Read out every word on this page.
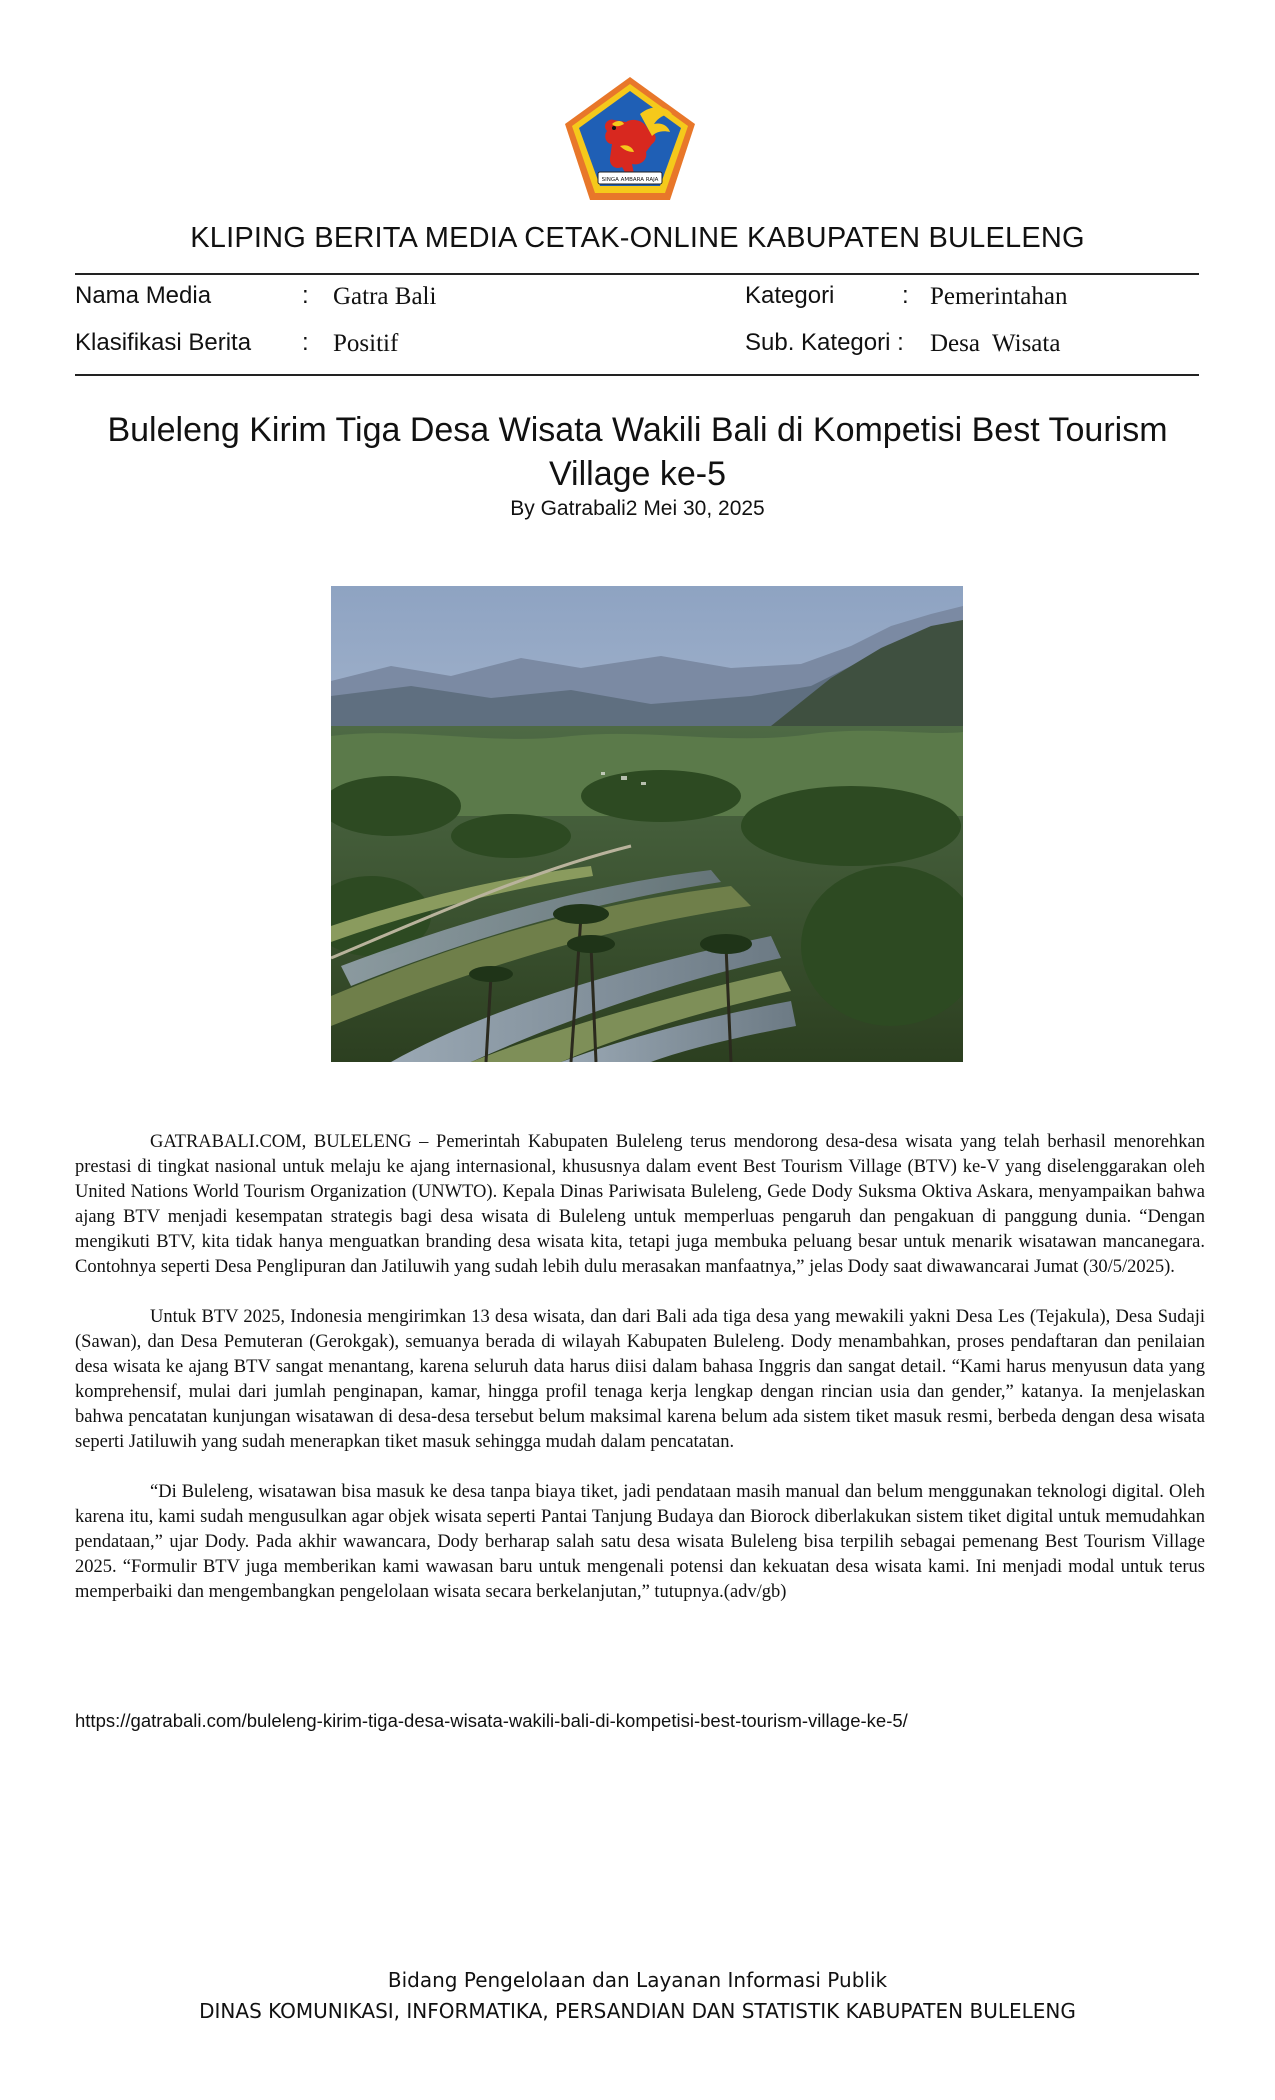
SINGA AMBARA RAJA
KLIPING BERITA MEDIA CETAK-ONLINE KABUPATEN BULELENG
Nama Media	: Gatra Bali	Kategori	: Pemerintahan
Klasifikasi Berita : Positif	Sub. Kategori : Desa  Wisata
Buleleng Kirim Tiga Desa Wisata Wakili Bali di Kompetisi Best Tourism Village ke-5
By Gatrabali2 Mei 30, 2025

GATRABALI.COM, BULELENG – Pemerintah Kabupaten Buleleng terus mendorong desa-desa wisata yang telah berhasil menorehkan prestasi di tingkat nasional untuk melaju ke ajang internasional, khususnya dalam event Best Tourism Village (BTV) ke-V yang diselenggarakan oleh United Nations World Tourism Organization (UNWTO). Kepala Dinas Pariwisata Buleleng, Gede Dody Suksma Oktiva Askara, menyampaikan bahwa ajang BTV menjadi kesempatan strategis bagi desa wisata di Buleleng untuk memperluas pengaruh dan pengakuan di panggung dunia. “Dengan mengikuti BTV, kita tidak hanya menguatkan branding desa wisata kita, tetapi juga membuka peluang besar untuk menarik wisatawan mancanegara. Contohnya seperti Desa Penglipuran dan Jatiluwih yang sudah lebih dulu merasakan manfaatnya,” jelas Dody saat diwawancarai Jumat (30/5/2025).

Untuk BTV 2025, Indonesia mengirimkan 13 desa wisata, dan dari Bali ada tiga desa yang mewakili yakni Desa Les (Tejakula), Desa Sudaji (Sawan), dan Desa Pemuteran (Gerokgak), semuanya berada di wilayah Kabupaten Buleleng. Dody menambahkan, proses pendaftaran dan penilaian desa wisata ke ajang BTV sangat menantang, karena seluruh data harus diisi dalam bahasa Inggris dan sangat detail. “Kami harus menyusun data yang komprehensif, mulai dari jumlah penginapan, kamar, hingga profil tenaga kerja lengkap dengan rincian usia dan gender,” katanya. Ia menjelaskan bahwa pencatatan kunjungan wisatawan di desa-desa tersebut belum maksimal karena belum ada sistem tiket masuk resmi, berbeda dengan desa wisata seperti Jatiluwih yang sudah menerapkan tiket masuk sehingga mudah dalam pencatatan.

“Di Buleleng, wisatawan bisa masuk ke desa tanpa biaya tiket, jadi pendataan masih manual dan belum menggunakan teknologi digital. Oleh karena itu, kami sudah mengusulkan agar objek wisata seperti Pantai Tanjung Budaya dan Biorock diberlakukan sistem tiket digital untuk memudahkan pendataan,” ujar Dody. Pada akhir wawancara, Dody berharap salah satu desa wisata Buleleng bisa terpilih sebagai pemenang Best Tourism Village 2025. “Formulir BTV juga memberikan kami wawasan baru untuk mengenali potensi dan kekuatan desa wisata kami. Ini menjadi modal untuk terus memperbaiki dan mengembangkan pengelolaan wisata secara berkelanjutan,” tutupnya.(adv/gb)

https://gatrabali.com/buleleng-kirim-tiga-desa-wisata-wakili-bali-di-kompetisi-best-tourism-village-ke-5/
Bidang Pengelolaan dan Layanan Informasi Publik
DINAS KOMUNIKASI, INFORMATIKA, PERSANDIAN DAN STATISTIK KABUPATEN BULELENG
